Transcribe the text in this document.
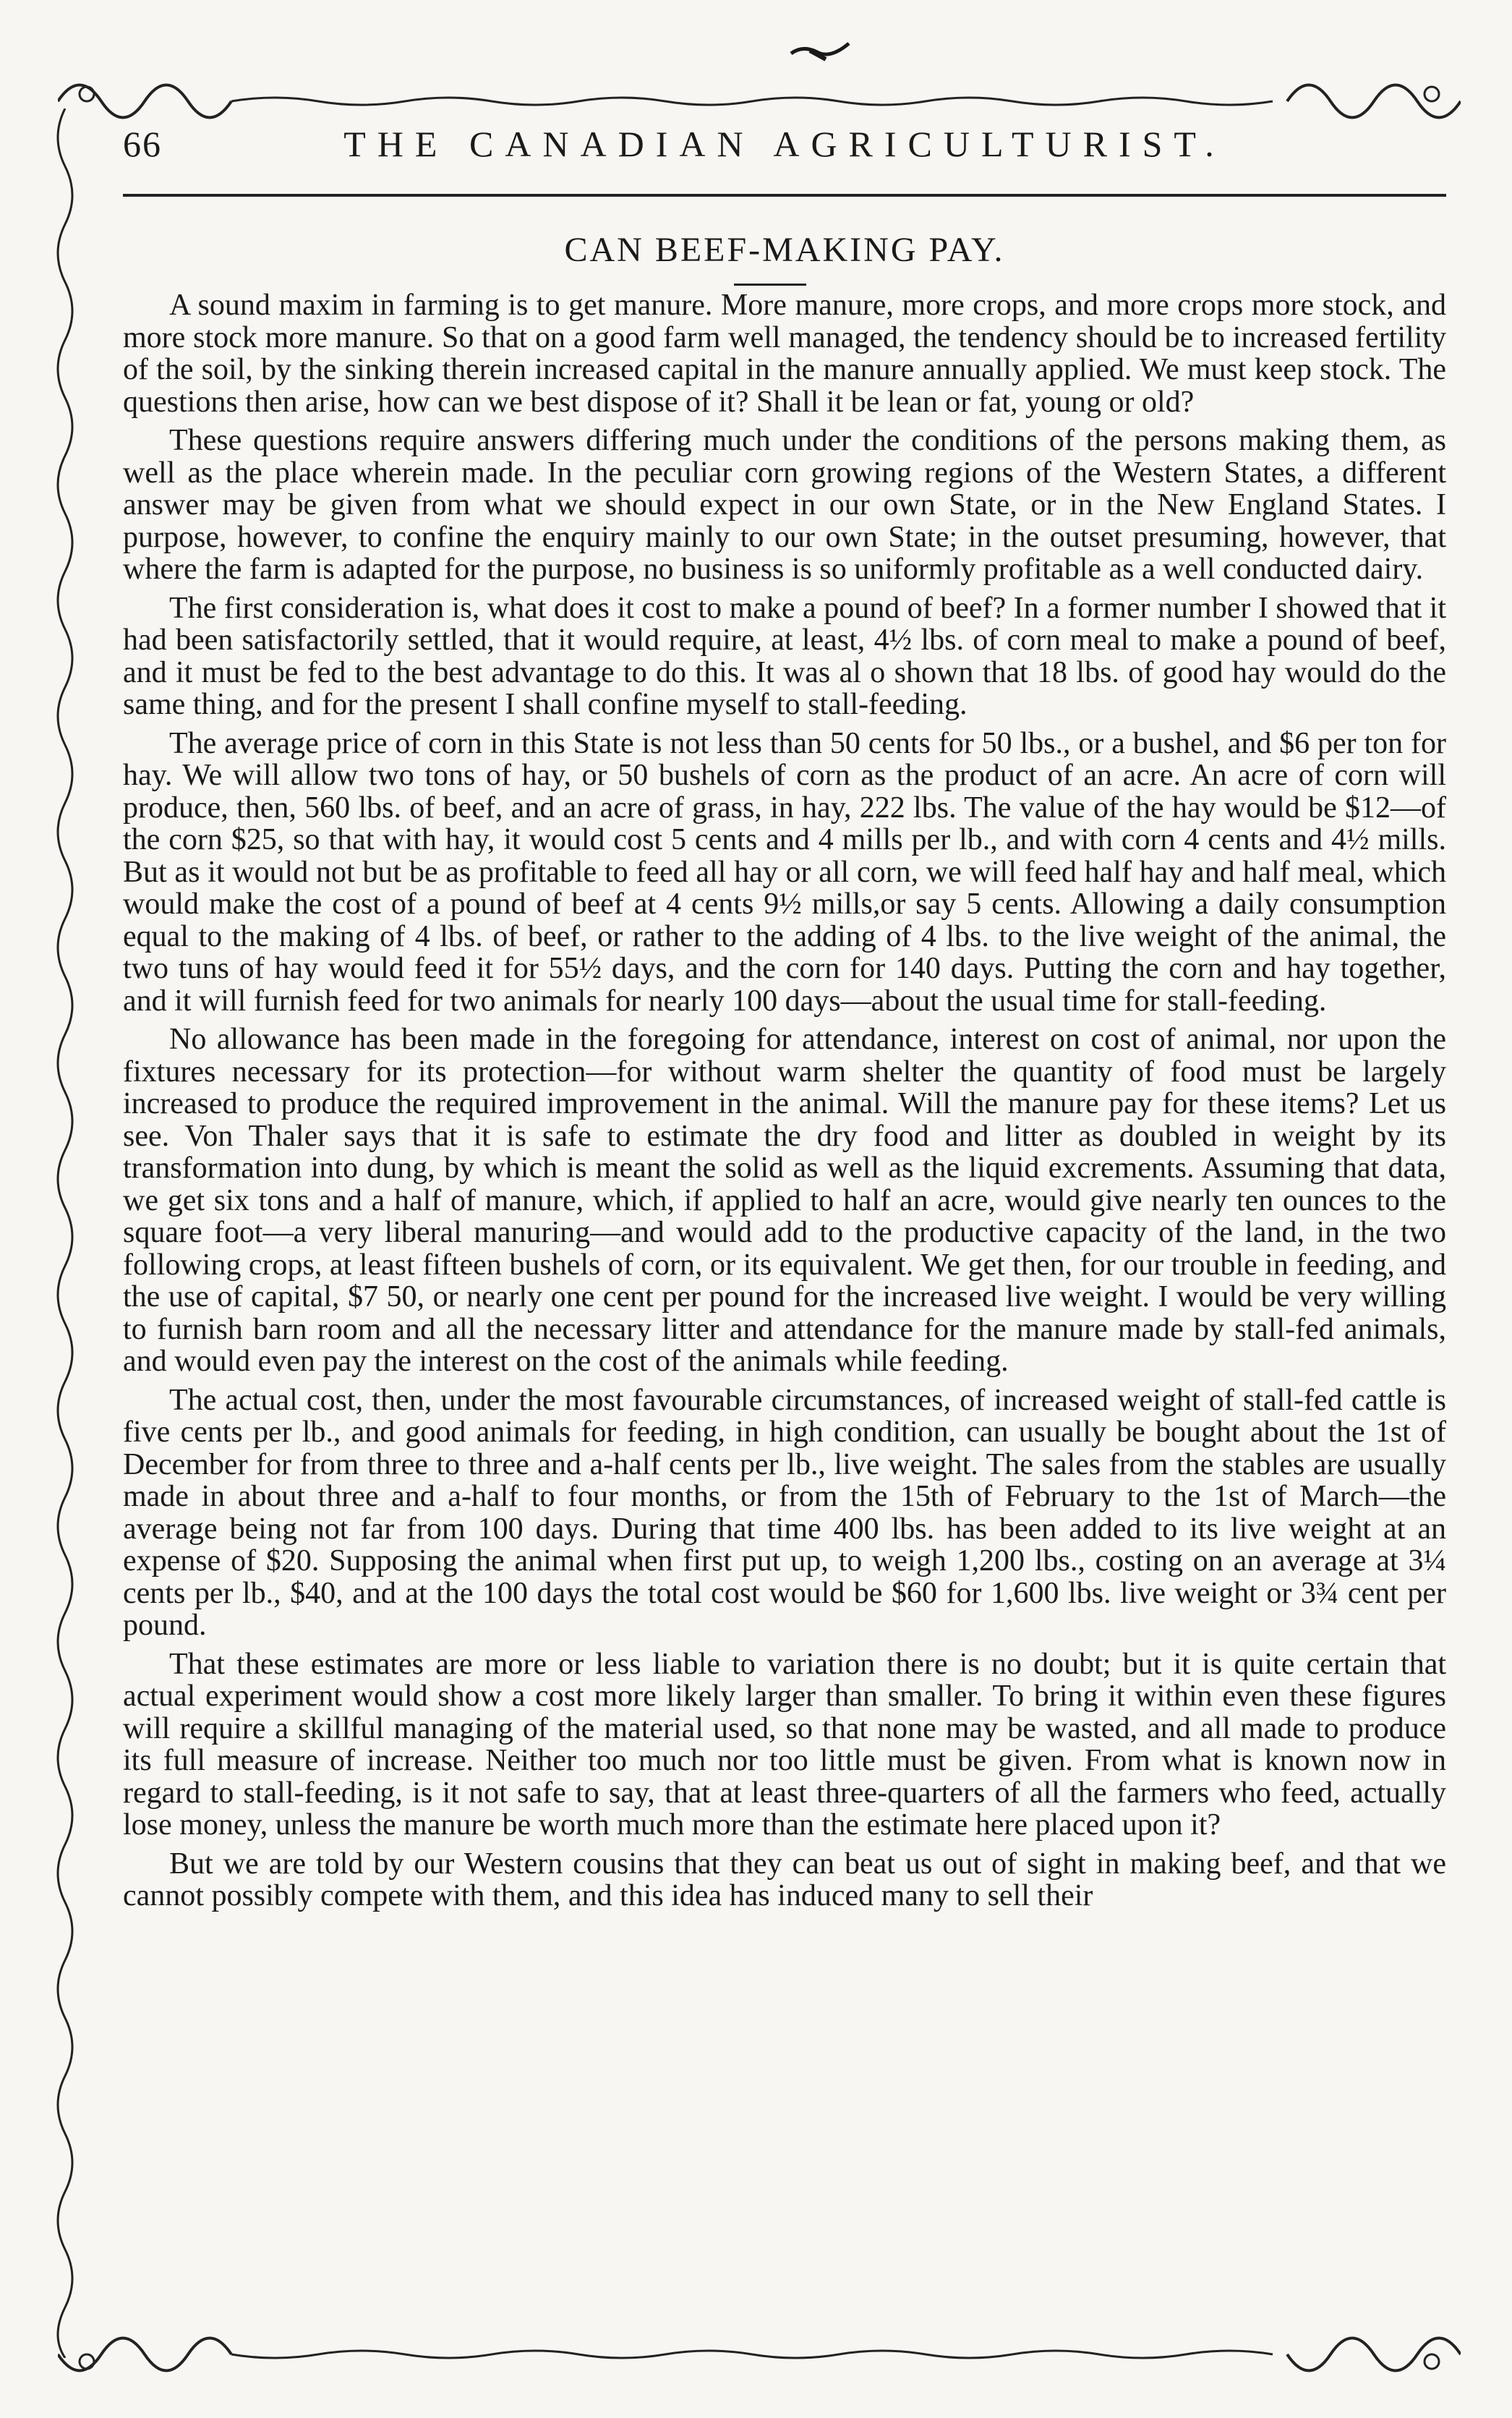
66	THE CANADIAN AGRICULTURIST.
CAN BEEF-MAKING PAY.

A sound maxim in farming is to get manure. More manure, more crops, and more crops more stock, and more stock more manure. So that on a good farm well managed, the tendency should be to increased fertility of the soil, by the sinking therein increased capital in the manure annually applied. We must keep stock. The questions then arise, how can we best dispose of it? Shall it be lean or fat, young or old?

These questions require answers differing much under the conditions of the persons making them, as well as the place wherein made. In the peculiar corn growing regions of the Western States, a different answer may be given from what we should expect in our own State, or in the New England States. I purpose, however, to confine the enquiry mainly to our own State; in the outset presuming, however, that where the farm is adapted for the purpose, no business is so uniformly profitable as a well conducted dairy.

The first consideration is, what does it cost to make a pound of beef? In a former number I showed that it had been satisfactorily settled, that it would require, at least, 4½ lbs. of corn meal to make a pound of beef, and it must be fed to the best advantage to do this. It was al o shown that 18 lbs. of good hay would do the same thing, and for the present I shall confine myself to stall-feeding.

The average price of corn in this State is not less than 50 cents for 50 lbs., or a bushel, and $6 per ton for hay. We will allow two tons of hay, or 50 bushels of corn as the product of an acre. An acre of corn will produce, then, 560 lbs. of beef, and an acre of grass, in hay, 222 lbs. The value of the hay would be $12—of the corn $25, so that with hay, it would cost 5 cents and 4 mills per lb., and with corn 4 cents and 4½ mills. But as it would not but be as profitable to feed all hay or all corn, we will feed half hay and half meal, which would make the cost of a pound of beef at 4 cents 9½ mills,or say 5 cents. Allowing a daily consumption equal to the making of 4 lbs. of beef, or rather to the adding of 4 lbs. to the live weight of the animal, the two tuns of hay would feed it for 55½ days, and the corn for 140 days. Putting the corn and hay together, and it will furnish feed for two animals for nearly 100 days—about the usual time for stall-feeding.

No allowance has been made in the foregoing for attendance, interest on cost of animal, nor upon the fixtures necessary for its protection—for without warm shelter the quantity of food must be largely increased to produce the required improvement in the animal. Will the manure pay for these items? Let us see. Von Thaler says that it is safe to estimate the dry food and litter as doubled in weight by its transformation into dung, by which is meant the solid as well as the liquid excrements. Assuming that data, we get six tons and a half of manure, which, if applied to half an acre, would give nearly ten ounces to the square foot—a very liberal manuring—and would add to the productive capacity of the land, in the two following crops, at least fifteen bushels of corn, or its equivalent. We get then, for our trouble in feeding, and the use of capital, $7 50, or nearly one cent per pound for the increased live weight. I would be very willing to furnish barn room and all the necessary litter and attendance for the manure made by stall-fed animals, and would even pay the interest on the cost of the animals while feeding.

The actual cost, then, under the most favourable circumstances, of increased weight of stall-fed cattle is five cents per lb., and good animals for feeding, in high condition, can usually be bought about the 1st of December for from three to three and a-half cents per lb., live weight. The sales from the stables are usually made in about three and a-half to four months, or from the 15th of February to the 1st of March—the average being not far from 100 days. During that time 400 lbs. has been added to its live weight at an expense of $20. Supposing the animal when first put up, to weigh 1,200 lbs., costing on an average at 3¼ cents per lb., $40, and at the 100 days the total cost would be $60 for 1,600 lbs. live weight or 3¾ cent per pound.

That these estimates are more or less liable to variation there is no doubt; but it is quite certain that actual experiment would show a cost more likely larger than smaller. To bring it within even these figures will require a skillful managing of the material used, so that none may be wasted, and all made to produce its full measure of increase. Neither too much nor too little must be given. From what is known now in regard to stall-feeding, is it not safe to say, that at least three-quarters of all the farmers who feed, actually lose money, unless the manure be worth much more than the estimate here placed upon it?

But we are told by our Western cousins that they can beat us out of sight in making beef, and that we cannot possibly compete with them, and this idea has induced many to sell their
